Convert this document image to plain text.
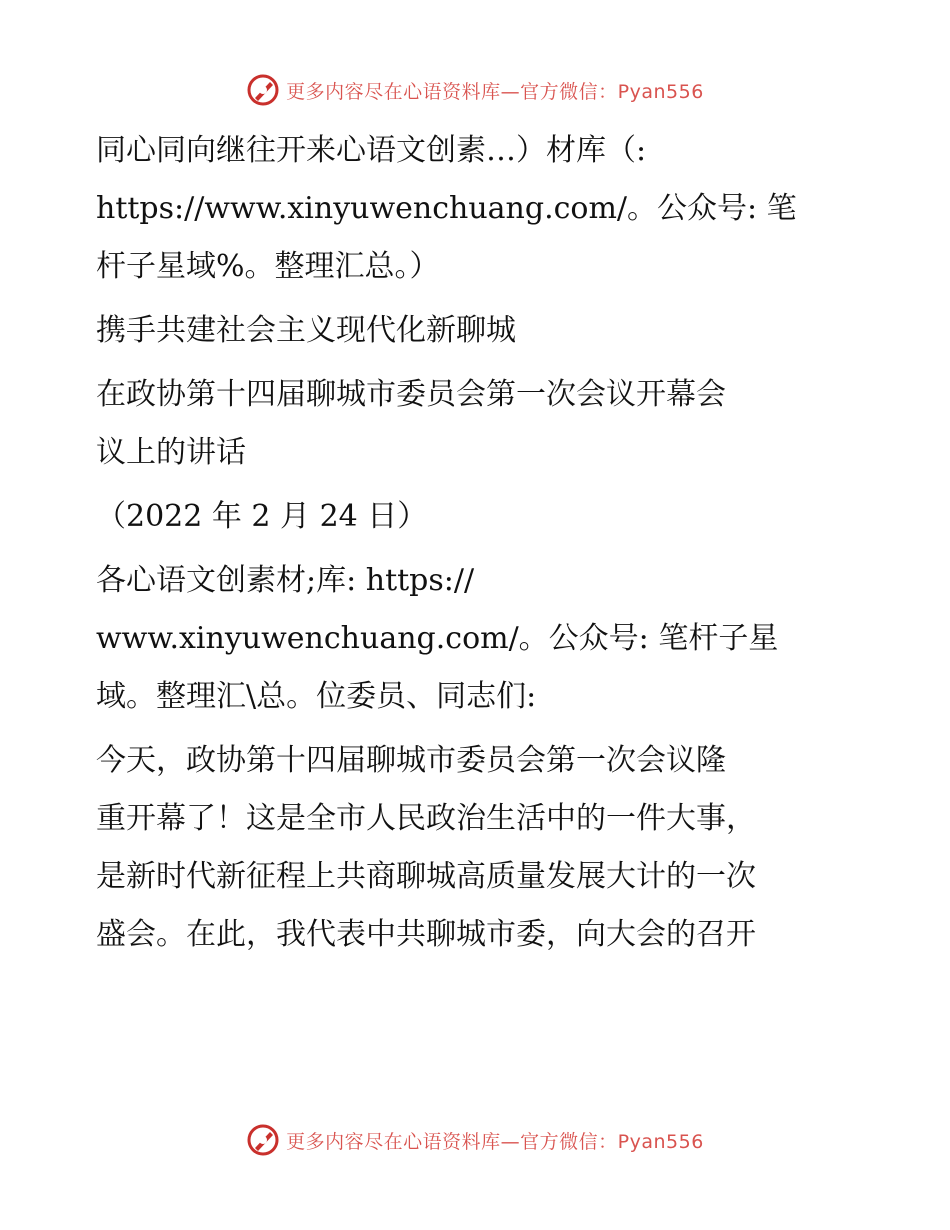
更多内容尽在心语资料库—官方微信：Pyan556

同心同向继往开来心语文创素…）材库（:
https://www.xinyuwenchuang.com/。公众号: 笔
杆子星域%。整理汇总。）

携手共建社会主义现代化新聊城

在政协第十四届聊城市委员会第一次会议开幕会
议上的讲话

（2022 年 2 月 24 日）

各心语文创素材;库: https://
www.xinyuwenchuang.com/。公众号: 笔杆子星
域。整理汇\总。位委员、同志们:

今天，政协第十四届聊城市委员会第一次会议隆
重开幕了！这是全市人民政治生活中的一件大事，
是新时代新征程上共商聊城高质量发展大计的一次
盛会。在此，我代表中共聊城市委，向大会的召开

更多内容尽在心语资料库—官方微信：Pyan556
